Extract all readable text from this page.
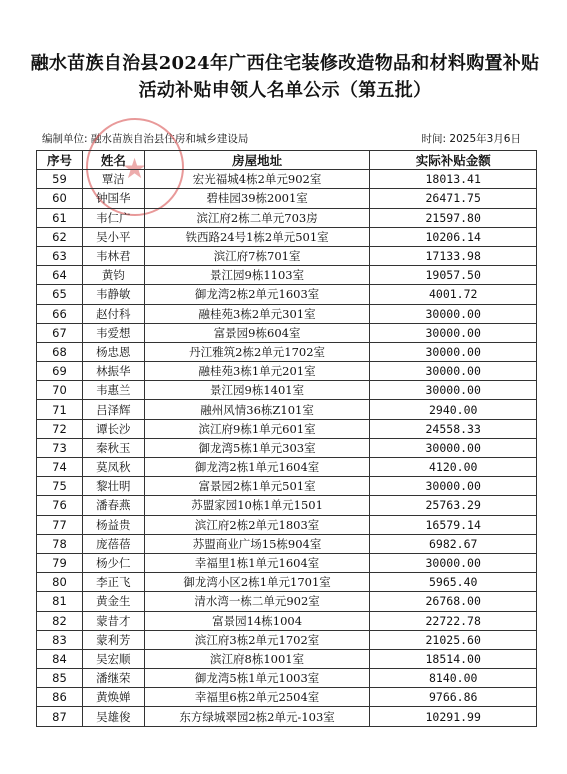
融水苗族自治县2024年广西住宅装修改造物品和材料购置补贴活动补贴申领人名单公示（第五批）
编制单位: 融水苗族自治县住房和城乡建设局	时间: 2025年3月6日
★
序号	姓名	房屋地址	实际补贴金额
59	覃洁	宏光福城4栋2单元902室	18013.41
60	钟国华	碧桂园39栋2001室	26471.75
61	韦仁广	滨江府2栋二单元703房	21597.80
62	吴小平	铁西路24号1栋2单元501室	10206.14
63	韦林君	滨江府7栋701室	17133.98
64	黄钧	景江园9栋1103室	19057.50
65	韦静敏	御龙湾2栋2单元1603室	4001.72
66	赵付科	融桂苑3栋2单元301室	30000.00
67	韦爱想	富景园9栋604室	30000.00
68	杨忠恩	丹江雅筑2栋2单元1702室	30000.00
69	林振华	融桂苑3栋1单元201室	30000.00
70	韦惠兰	景江园9栋1401室	30000.00
71	吕泽辉	融州风情36栋Z101室	2940.00
72	谭长沙	滨江府9栋1单元601室	24558.33
73	秦秋玉	御龙湾5栋1单元303室	30000.00
74	莫凤秋	御龙湾2栋1单元1604室	4120.00
75	黎壮明	富景园2栋1单元501室	30000.00
76	潘春燕	苏盟家园10栋1单元1501	25763.29
77	杨益贵	滨江府2栋2单元1803室	16579.14
78	庞蓓蓓	苏盟商业广场15栋904室	6982.67
79	杨少仁	幸福里1栋1单元1604室	30000.00
80	李正飞	御龙湾小区2栋1单元1701室	5965.40
81	黄金生	清水湾一栋二单元902室	26768.00
82	蒙昔才	富景园14栋1004	22722.78
83	蒙利芳	滨江府3栋2单元1702室	21025.60
84	吴宏顺	滨江府8栋1001室	18514.00
85	潘继荣	御龙湾5栋1单元1003室	8140.00
86	黄焕婵	幸福里6栋2单元2504室	9766.86
87	吴雄俊	东方绿城翠园2栋2单元-103室	10291.99
